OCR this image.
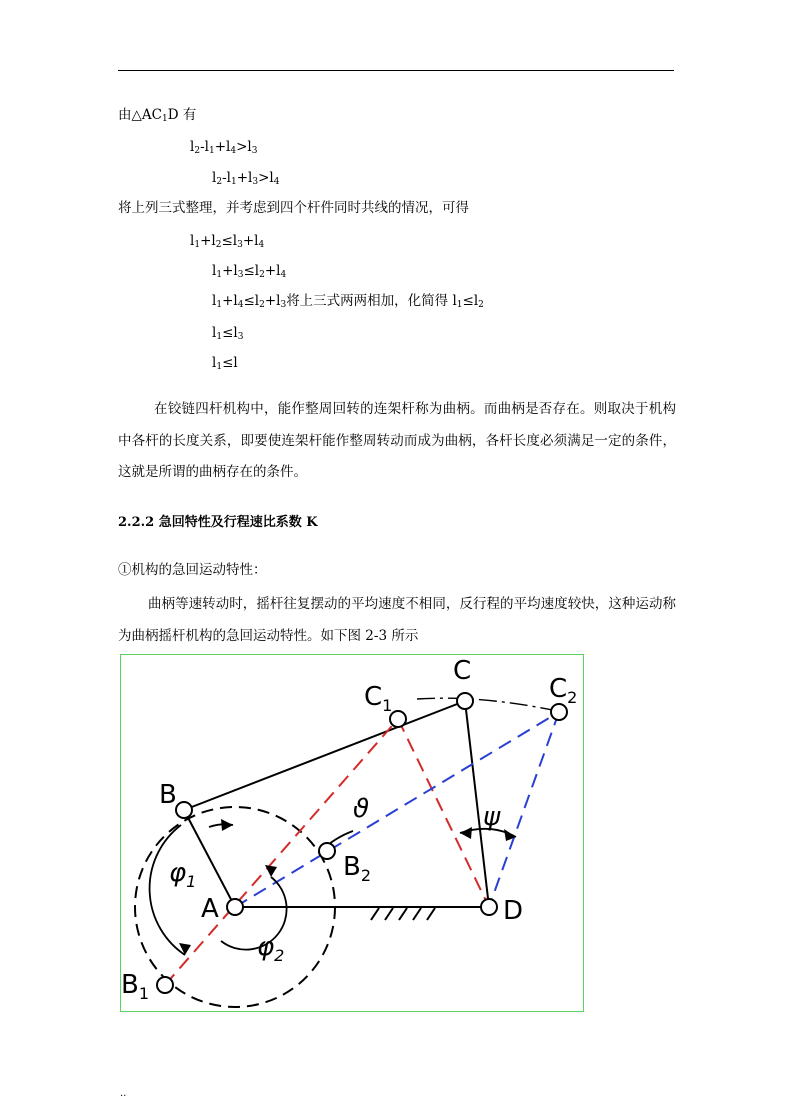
由$\triangle AC_1D$ 有
$l_2-l_1+l_4>l_3$
$l_2-l_1+l_3>l_4$
将上列三式整理，并考虑到四个杆件同时共线的情况，可得
$l_1+l_2\le l_3+l_4$
$l_1+l_3\le l_2+l_4$
$l_1+l_4\le l_2+l_3$将上三式两两相加，化简得 $l_1\le l_2$
$l_1\le l_3$
$l_1\le l$
在铰链四杆机构中，能作整周回转的连架杆称为曲柄。而曲柄是否存在。则取决于机构中各杆的长度关系，即要使连架杆能作整周转动而成为曲柄，各杆长度必须满足一定的条件，这就是所谓的曲柄存在的条件。
2.2.2 急回特性及行程速比系数 K
①机构的急回运动特性：
曲柄等速转动时，摇杆往复摆动的平均速度不相同，反行程的平均速度较快，这种运动称为曲柄摇杆机构的急回运动特性。如下图 2-3 所示
A
B
$B_1$
$B_2$
C
$C_1$
$C_2$
D
ϑ	ψ
$\varphi_1$
$\varphi_2$
..
